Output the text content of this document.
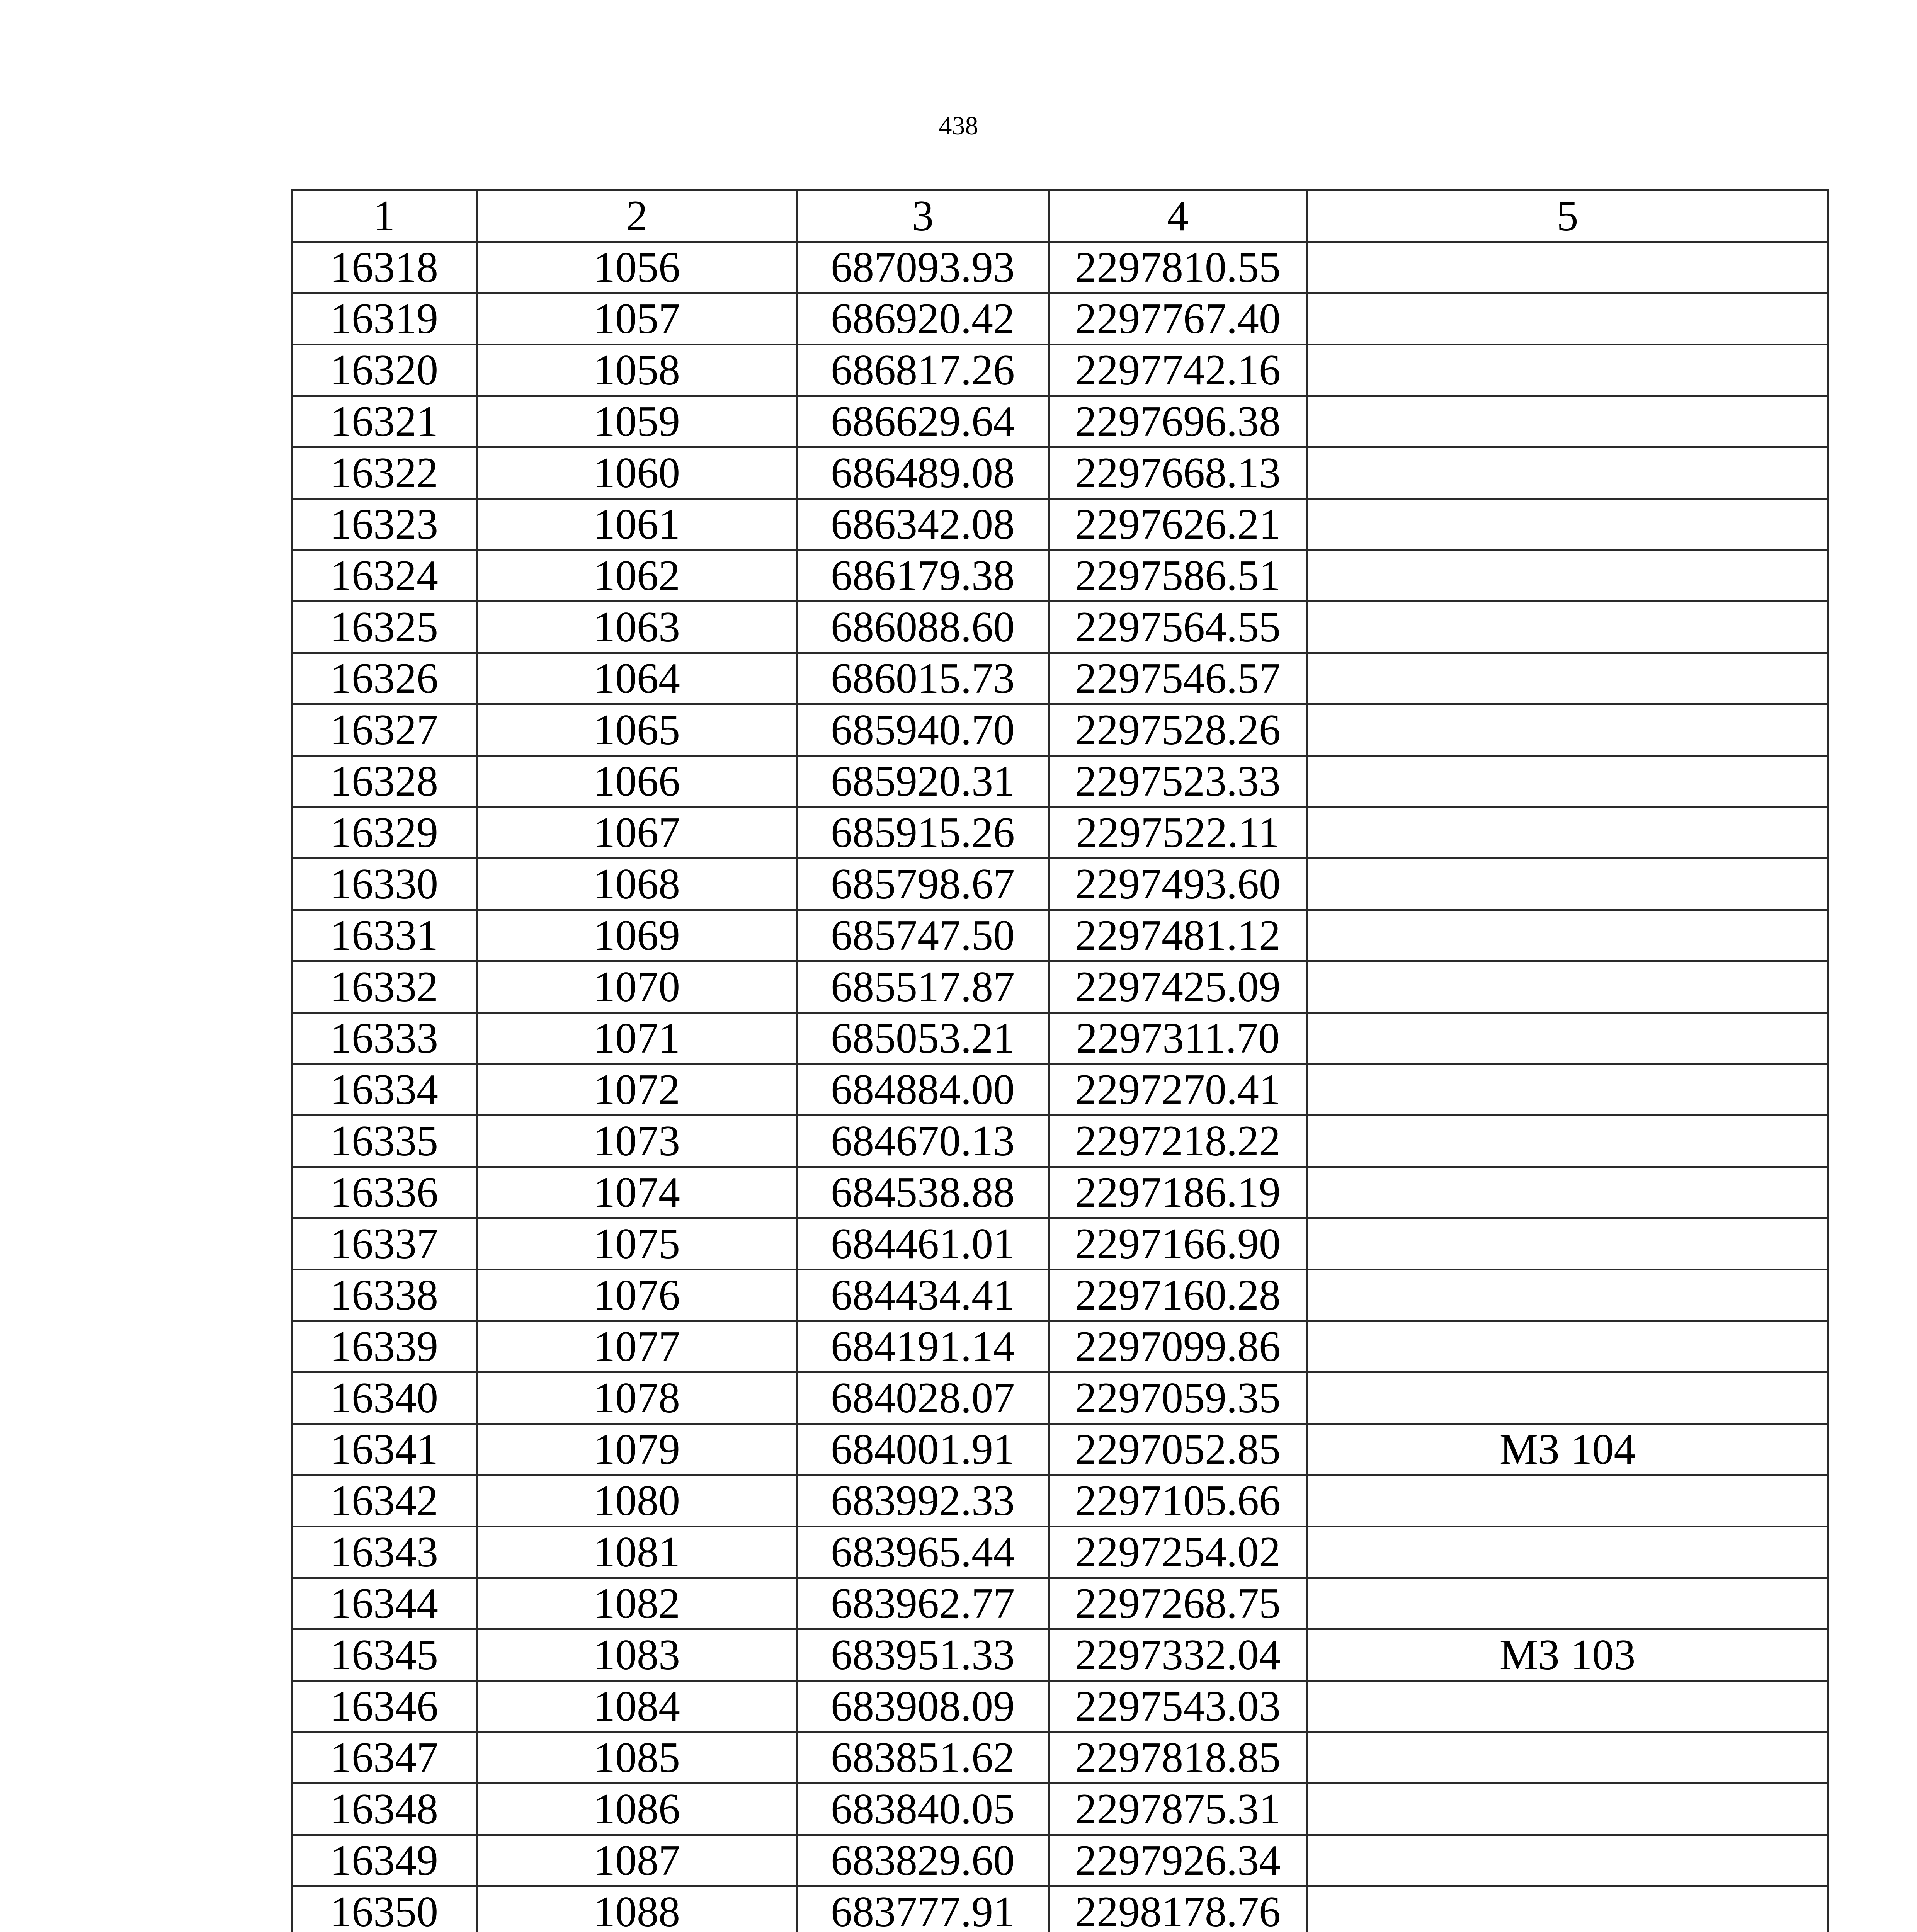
438
1	2	3	4	5
16318	1056	687093.93	2297810.55	
16319	1057	686920.42	2297767.40	
16320	1058	686817.26	2297742.16	
16321	1059	686629.64	2297696.38	
16322	1060	686489.08	2297668.13	
16323	1061	686342.08	2297626.21	
16324	1062	686179.38	2297586.51	
16325	1063	686088.60	2297564.55	
16326	1064	686015.73	2297546.57	
16327	1065	685940.70	2297528.26	
16328	1066	685920.31	2297523.33	
16329	1067	685915.26	2297522.11	
16330	1068	685798.67	2297493.60	
16331	1069	685747.50	2297481.12	
16332	1070	685517.87	2297425.09	
16333	1071	685053.21	2297311.70	
16334	1072	684884.00	2297270.41	
16335	1073	684670.13	2297218.22	
16336	1074	684538.88	2297186.19	
16337	1075	684461.01	2297166.90	
16338	1076	684434.41	2297160.28	
16339	1077	684191.14	2297099.86	
16340	1078	684028.07	2297059.35	
16341	1079	684001.91	2297052.85	МЗ 104
16342	1080	683992.33	2297105.66	
16343	1081	683965.44	2297254.02	
16344	1082	683962.77	2297268.75	
16345	1083	683951.33	2297332.04	МЗ 103
16346	1084	683908.09	2297543.03	
16347	1085	683851.62	2297818.85	
16348	1086	683840.05	2297875.31	
16349	1087	683829.60	2297926.34	
16350	1088	683777.91	2298178.76	
